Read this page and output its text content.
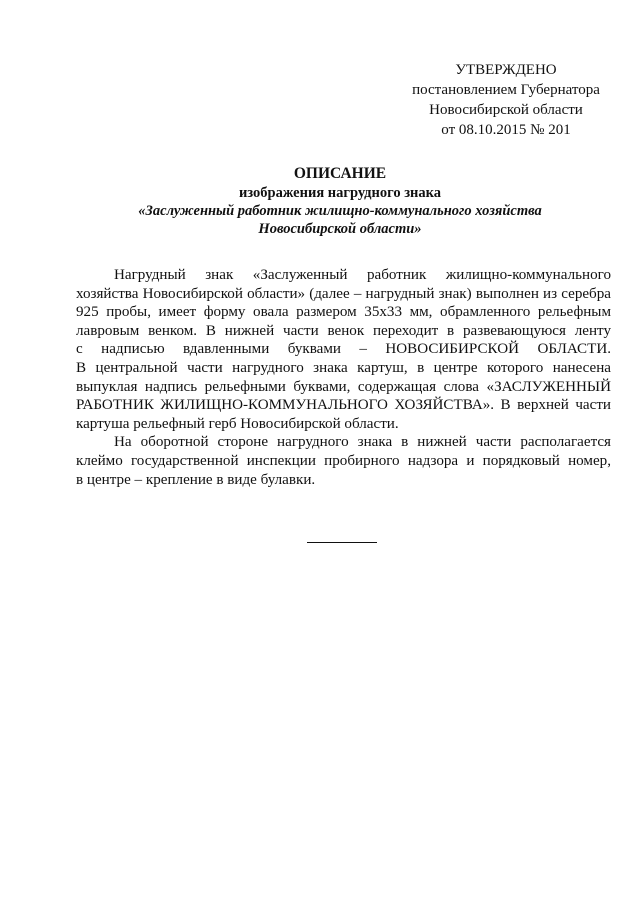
УТВЕРЖДЕНО
постановлением Губернатора
Новосибирской области
от 08.10.2015 № 201
ОПИСАНИЕ
изображения нагрудного знака
«Заслуженный работник жилищно-коммунального хозяйства
Новосибирской области»

Нагрудный знак «Заслуженный работник жилищно-коммунального
хозяйства Новосибирской области» (далее – нагрудный знак) выполнен из серебра
925 пробы, имеет форму овала размером 35х33 мм, обрамленного рельефным
лавровым венком. В нижней части венок переходит в развевающуюся ленту
с надписью вдавленными буквами – НОВОСИБИРСКОЙ ОБЛАСТИ.
В центральной части нагрудного знака картуш, в центре которого нанесена
выпуклая надпись рельефными буквами, содержащая слова «ЗАСЛУЖЕННЫЙ
РАБОТНИК ЖИЛИЩНО-КОММУНАЛЬНОГО ХОЗЯЙСТВА». В верхней части
картуша рельефный герб Новосибирской области.

На оборотной стороне нагрудного знака в нижней части располагается
клеймо государственной инспекции пробирного надзора и порядковый номер,
в центре – крепление в виде булавки.
